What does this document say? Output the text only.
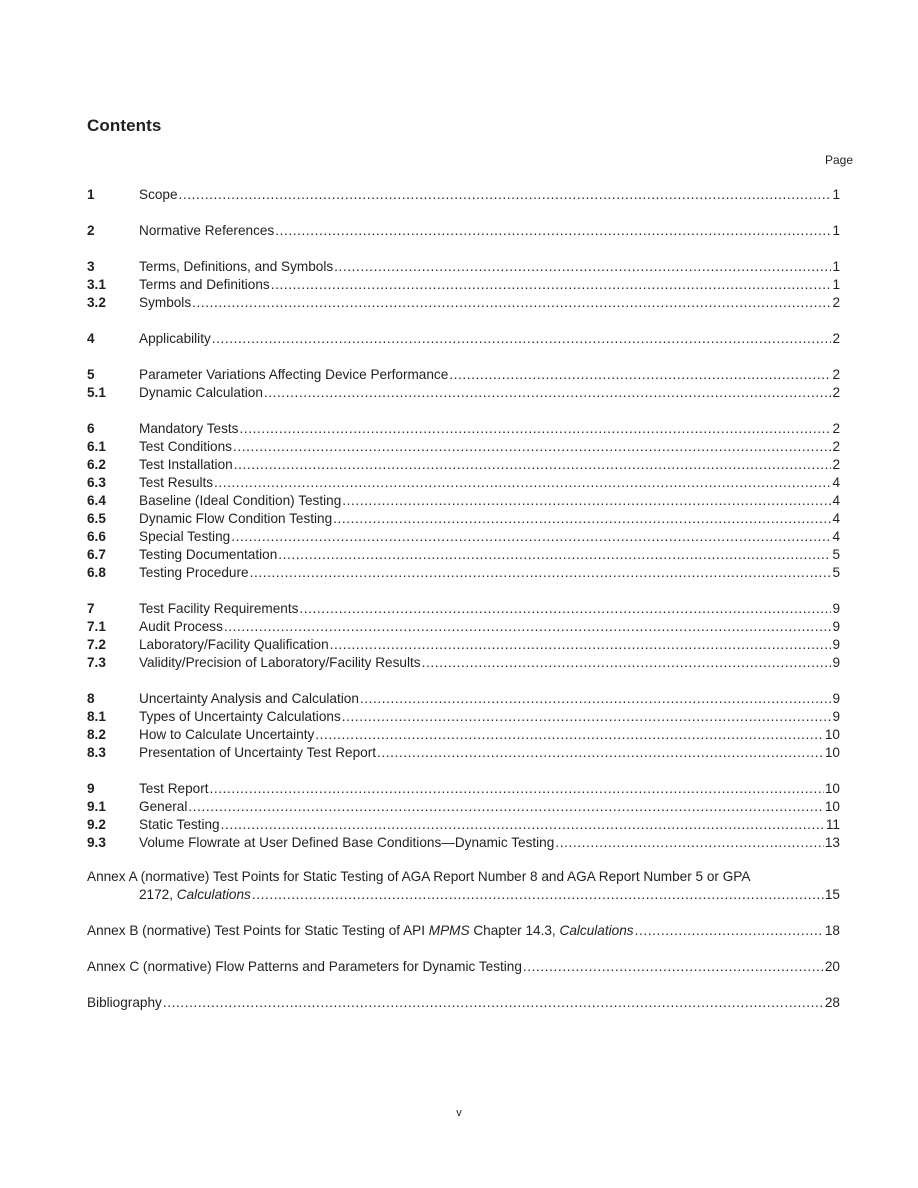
Contents
Page
Annex A (normative) Test Points for Static Testing of AGA Report Number 8 and AGA Report Number 5 or GPA
2172, Calculations .....	15
Annex B (normative) Test Points for Static Testing of API MPMS Chapter 14.3, Calculations .....	18
Annex C (normative) Flow Patterns and Parameters for Dynamic Testing .....	20
Bibliography .....	28
1	Scope .....	1
2	Normative References .....	1
3	Terms, Definitions, and Symbols .....	1
3.1	Terms and Definitions .....	1
3.2	Symbols .....	2
4	Applicability .....	2
5	Parameter Variations Affecting Device Performance .....	2
5.1	Dynamic Calculation .....	2
6	Mandatory Tests .....	2
6.1	Test Conditions .....	2
6.2	Test Installation .....	2
6.3	Test Results .....	4
6.4	Baseline (Ideal Condition) Testing .....	4
6.5	Dynamic Flow Condition Testing .....	4
6.6	Special Testing .....	4
6.7	Testing Documentation .....	5
6.8	Testing Procedure .....	5
7	Test Facility Requirements .....	9
7.1	Audit Process .....	9
7.2	Laboratory/Facility Qualification .....	9
7.3	Validity/Precision of Laboratory/Facility Results .....	9
8	Uncertainty Analysis and Calculation .....	9
8.1	Types of Uncertainty Calculations .....	9
8.2	How to Calculate Uncertainty .....	10
8.3	Presentation of Uncertainty Test Report .....	10
9	Test Report .....	10
9.1	General .....	10
9.2	Static Testing .....	11
9.3	Volume Flowrate at User Defined Base Conditions—Dynamic Testing .....	13
v
